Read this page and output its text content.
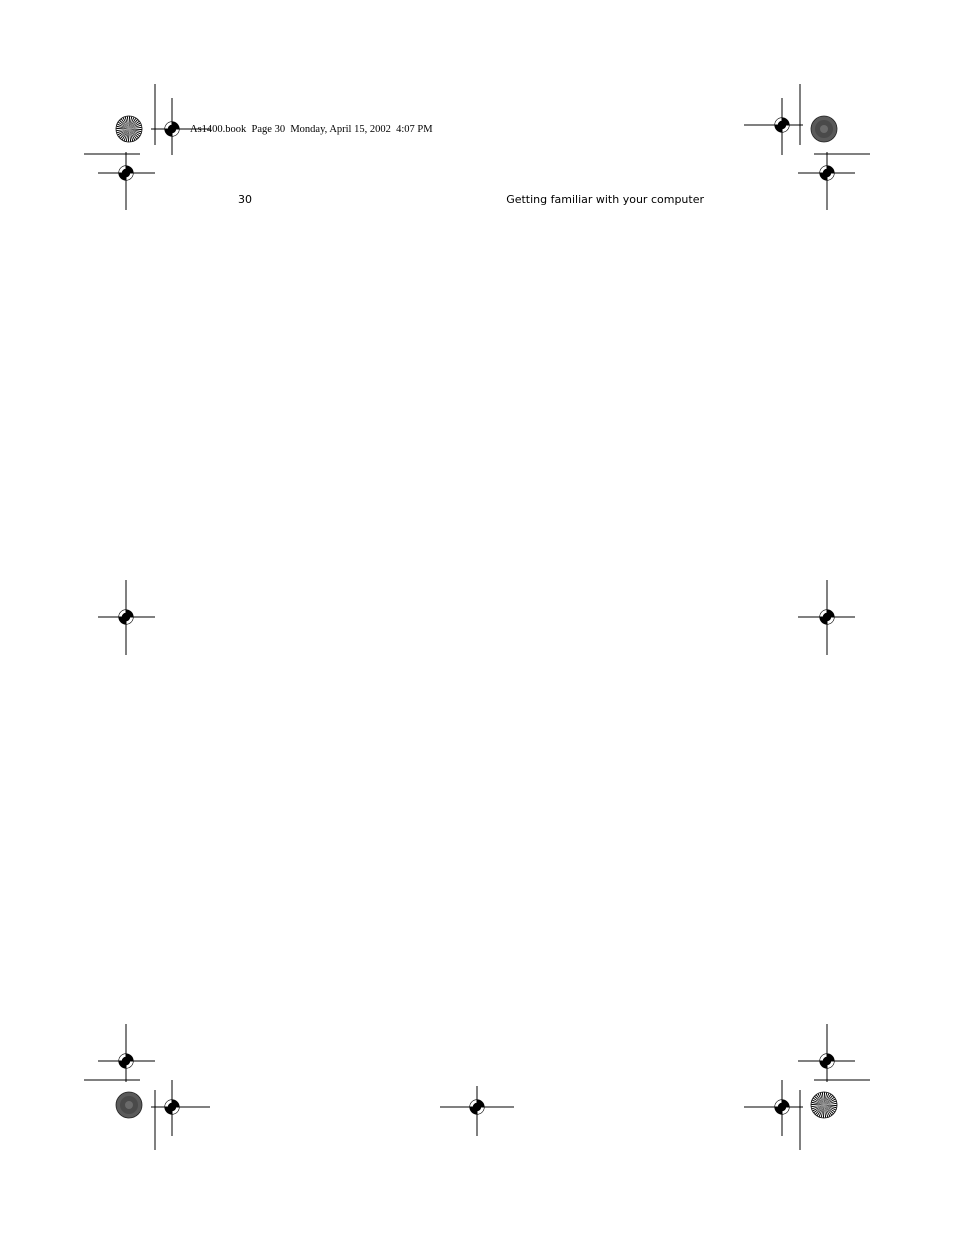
As1400.book  Page 30  Monday, April 15, 2002  4:07 PM
30	Getting familiar with your computer
